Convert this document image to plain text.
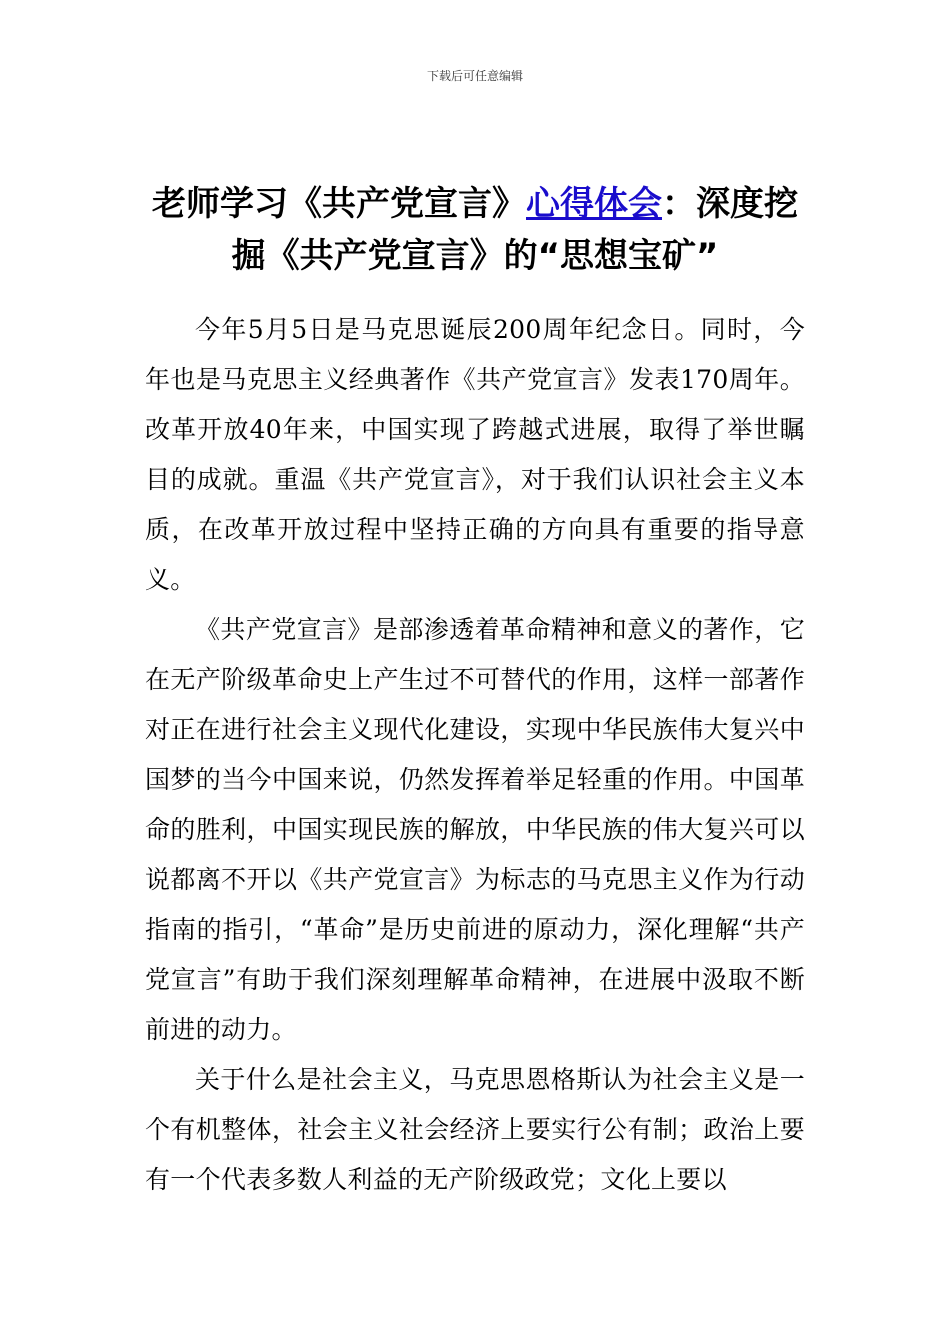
下载后可任意编辑
老师学习《共产党宣言》心得体会：深度挖掘《共产党宣言》的“思想宝矿”

今年5月5日是马克思诞辰200周年纪念日。同时，今年也是马克思主义经典著作《共产党宣言》发表170周年。改革开放40年来，中国实现了跨越式进展，取得了举世瞩目的成就。重温《共产党宣言》，对于我们认识社会主义本质，在改革开放过程中坚持正确的方向具有重要的指导意义。

《共产党宣言》是部渗透着革命精神和意义的著作，它在无产阶级革命史上产生过不可替代的作用，这样一部著作对正在进行社会主义现代化建设，实现中华民族伟大复兴中国梦的当今中国来说，仍然发挥着举足轻重的作用。中国革命的胜利，中国实现民族的解放，中华民族的伟大复兴可以说都离不开以《共产党宣言》为标志的马克思主义作为行动指南的指引，“革命”是历史前进的原动力，深化理解“共产党宣言”有助于我们深刻理解革命精神，在进展中汲取不断前进的动力。

关于什么是社会主义，马克思恩格斯认为社会主义是一个有机整体，社会主义社会经济上要实行公有制；政治上要有一个代表多数人利益的无产阶级政党；文化上要以
